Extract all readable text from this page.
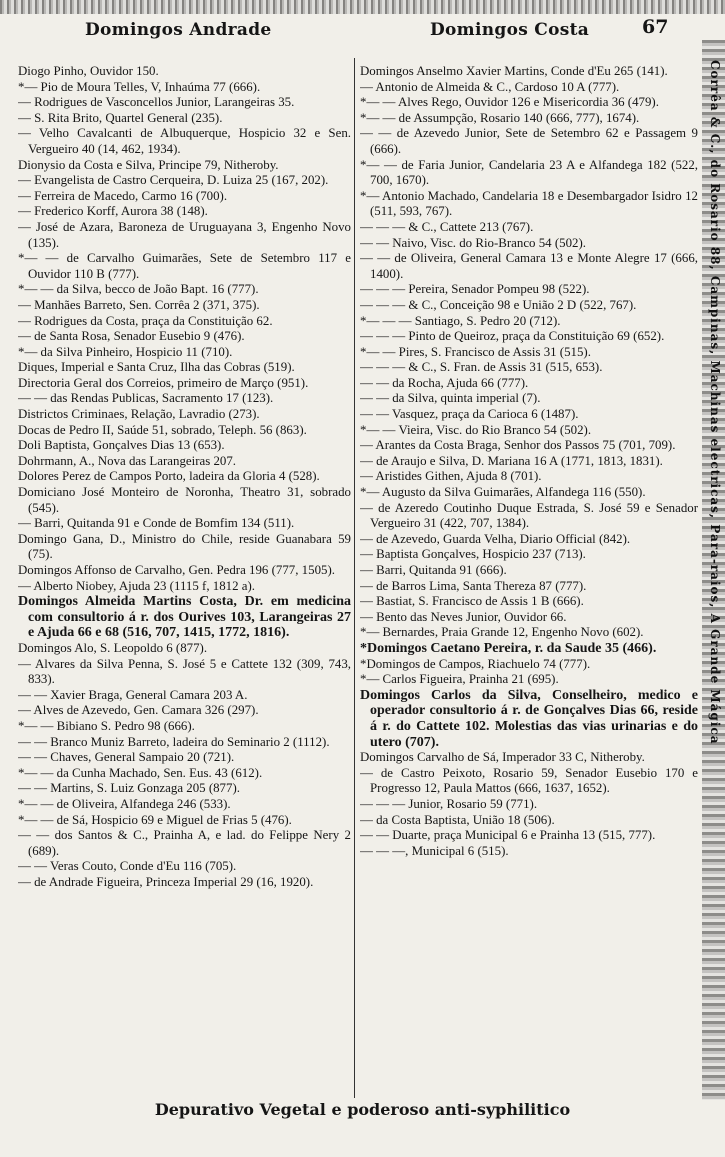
Domingos Andrade	Domingos Costa	67

Diogo Pinho, Ouvidor 150.

*— Pio de Moura Telles, V, Inhaúma 77 (666).

— Rodrigues de Vasconcellos Junior, Larangeiras 35.

— S. Rita Brito, Quartel General (235).

— Velho Cavalcanti de Albuquerque, Hospicio 32 e Sen. Vergueiro 40 (14, 462, 1934).

Dionysio da Costa e Silva, Principe 79, Nitheroby.

— Evangelista de Castro Cerqueira, D. Luiza 25 (167, 202).

— Ferreira de Macedo, Carmo 16 (700).

— Frederico Korff, Aurora 38 (148).

— José de Azara, Baroneza de Uruguayana 3, Engenho Novo (135).

*— — de Carvalho Guimarães, Sete de Setembro 117 e Ouvidor 110 B (777).

*— — da Silva, becco de João Bapt. 16 (777).

— Manhães Barreto, Sen. Corrêa 2 (371, 375).

— Rodrigues da Costa, praça da Constituição 62.

— de Santa Rosa, Senador Eusebio 9 (476).

*— da Silva Pinheiro, Hospicio 11 (710).

Diques, Imperial e Santa Cruz, Ilha das Cobras (519).

Directoria Geral dos Correios, primeiro de Março (951).

— — das Rendas Publicas, Sacramento 17 (123).

Districtos Criminaes, Relação, Lavradio (273).

Docas de Pedro II, Saúde 51, sobrado, Teleph. 56 (863).

Doli Baptista, Gonçalves Dias 13 (653).

Dohrmann, A., Nova das Larangeiras 207.

Dolores Perez de Campos Porto, ladeira da Gloria 4 (528).

Domiciano José Monteiro de Noronha, Theatro 31, sobrado (545).

— Barri, Quitanda 91 e Conde de Bomfim 134 (511).

Domingo Gana, D., Ministro do Chile, reside Guanabara 59 (75).

Domingos Affonso de Carvalho, Gen. Pedra 196 (777, 1505).

— Alberto Niobey, Ajuda 23 (1115 f, 1812 a).

Domingos Almeida Martins Costa, Dr. em medicina com consultorio á r. dos Ourives 103, Larangeiras 27 e Ajuda 66 e 68 (516, 707, 1415, 1772, 1816).

Domingos Alo, S. Leopoldo 6 (877).

— Alvares da Silva Penna, S. José 5 e Cattete 132 (309, 743, 833).

— — Xavier Braga, General Camara 203 A.

— Alves de Azevedo, Gen. Camara 326 (297).

*— — Bibiano S. Pedro 98 (666).

— — Branco Muniz Barreto, ladeira do Seminario 2 (1112).

— — Chaves, General Sampaio 20 (721).

*— — da Cunha Machado, Sen. Eus. 43 (612).

— — Martins, S. Luiz Gonzaga 205 (877).

*— — de Oliveira, Alfandega 246 (533).

*— — de Sá, Hospicio 69 e Miguel de Frias 5 (476).

— — dos Santos & C., Prainha A, e lad. do Felippe Nery 2 (689).

— — Veras Couto, Conde d'Eu 116 (705).

— de Andrade Figueira, Princeza Imperial 29 (16, 1920).

Domingos Anselmo Xavier Martins, Conde d'Eu 265 (141).

— Antonio de Almeida & C., Cardoso 10 A (777).

*— — Alves Rego, Ouvidor 126 e Misericordia 36 (479).

*— — de Assumpção, Rosario 140 (666, 777), 1674).

— — de Azevedo Junior, Sete de Setembro 62 e Passagem 9 (666).

*— — de Faria Junior, Candelaria 23 A e Alfandega 182 (522, 700, 1670).

*— Antonio Machado, Candelaria 18 e Desembargador Isidro 12 (511, 593, 767).

— — — & C., Cattete 213 (767).

— — Naivo, Visc. do Rio-Branco 54 (502).

— — de Oliveira, General Camara 13 e Monte Alegre 17 (666, 1400).

— — — Pereira, Senador Pompeu 98 (522).

— — — & C., Conceição 98 e União 2 D (522, 767).

*— — — Santiago, S. Pedro 20 (712).

— — — Pinto de Queiroz, praça da Constituição 69 (652).

*— — Pires, S. Francisco de Assis 31 (515).

— — — & C., S. Fran. de Assis 31 (515, 653).

— — da Rocha, Ajuda 66 (777).

— — da Silva, quinta imperial (7).

— — Vasquez, praça da Carioca 6 (1487).

*— — Vieira, Visc. do Rio Branco 54 (502).

— Arantes da Costa Braga, Senhor dos Passos 75 (701, 709).

— de Araujo e Silva, D. Mariana 16 A (1771, 1813, 1831).

— Aristides Githen, Ajuda 8 (701).

*— Augusto da Silva Guimarães, Alfandega 116 (550).

— de Azeredo Coutinho Duque Estrada, S. José 59 e Senador Vergueiro 31 (422, 707, 1384).

— de Azevedo, Guarda Velha, Diario Official (842).

— Baptista Gonçalves, Hospicio 237 (713).

— Barri, Quitanda 91 (666).

— de Barros Lima, Santa Thereza 87 (777).

— Bastiat, S. Francisco de Assis 1 B (666).

— Bento das Neves Junior, Ouvidor 66.

*— Bernardes, Praia Grande 12, Engenho Novo (602).

*Domingos Caetano Pereira, r. da Saude 35 (466).

*Domingos de Campos, Riachuelo 74 (777).

*— Carlos Figueira, Prainha 21 (695).

Domingos Carlos da Silva, Conselheiro, medico e operador consultorio á r. de Gonçalves Dias 66, reside á r. do Cattete 102. Molestias das vias urinarias e do utero (707).

Domingos Carvalho de Sá, Imperador 33 C, Nitheroby.

— de Castro Peixoto, Rosario 59, Senador Eusebio 170 e Progresso 12, Paula Mattos (666, 1637, 1652).

— — — Junior, Rosario 59 (771).

— da Costa Baptista, União 18 (506).

— — Duarte, praça Municipal 6 e Prainha 13 (515, 777).

— — —, Municipal 6 (515).

Corrêa & C., do Rosario 88, Campinas, Machinas electricas, Para-raios, A Grande Mágica
Depurativo Vegetal e poderoso anti-syphilitico
